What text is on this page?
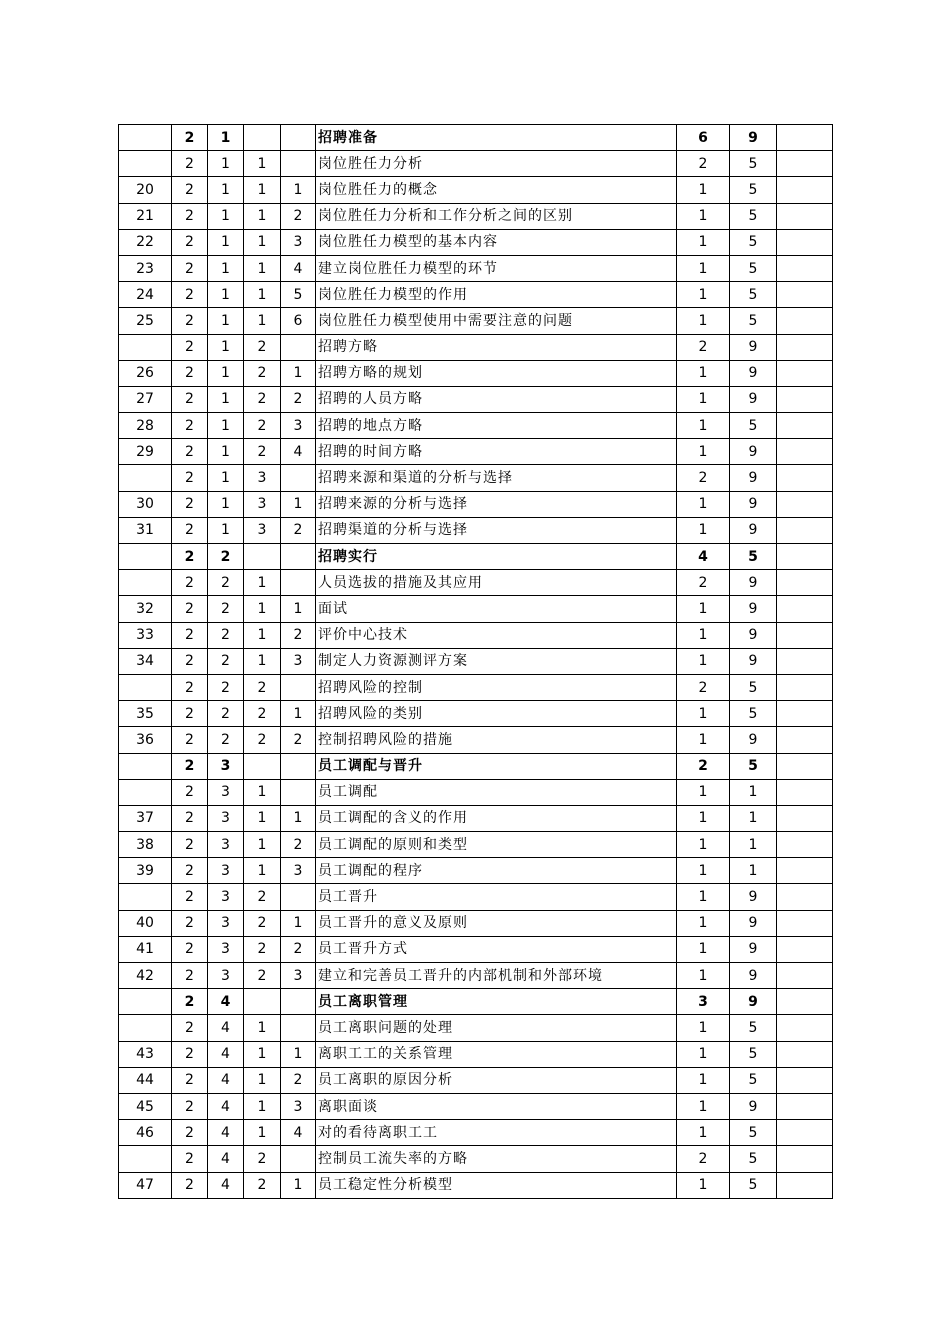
	2	1			招聘准备	6	9	
	2	1	1		岗位胜任力分析	2	5	
20	2	1	1	1	岗位胜任力的概念	1	5	
21	2	1	1	2	岗位胜任力分析和工作分析之间的区别	1	5	
22	2	1	1	3	岗位胜任力模型的基本内容	1	5	
23	2	1	1	4	建立岗位胜任力模型的环节	1	5	
24	2	1	1	5	岗位胜任力模型的作用	1	5	
25	2	1	1	6	岗位胜任力模型使用中需要注意的问题	1	5	
	2	1	2		招聘方略	2	9	
26	2	1	2	1	招聘方略的规划	1	9	
27	2	1	2	2	招聘的人员方略	1	9	
28	2	1	2	3	招聘的地点方略	1	5	
29	2	1	2	4	招聘的时间方略	1	9	
	2	1	3		招聘来源和渠道的分析与选择	2	9	
30	2	1	3	1	招聘来源的分析与选择	1	9	
31	2	1	3	2	招聘渠道的分析与选择	1	9	
	2	2			招聘实行	4	5	
	2	2	1		人员选拔的措施及其应用	2	9	
32	2	2	1	1	面试	1	9	
33	2	2	1	2	评价中心技术	1	9	
34	2	2	1	3	制定人力资源测评方案	1	9	
	2	2	2		招聘风险的控制	2	5	
35	2	2	2	1	招聘风险的类别	1	5	
36	2	2	2	2	控制招聘风险的措施	1	9	
	2	3			员工调配与晋升	2	5	
	2	3	1		员工调配	1	1	
37	2	3	1	1	员工调配的含义的作用	1	1	
38	2	3	1	2	员工调配的原则和类型	1	1	
39	2	3	1	3	员工调配的程序	1	1	
	2	3	2		员工晋升	1	9	
40	2	3	2	1	员工晋升的意义及原则	1	9	
41	2	3	2	2	员工晋升方式	1	9	
42	2	3	2	3	建立和完善员工晋升的内部机制和外部环境	1	9	
	2	4			员工离职管理	3	9	
	2	4	1		员工离职问题的处理	1	5	
43	2	4	1	1	离职工工的关系管理	1	5	
44	2	4	1	2	员工离职的原因分析	1	5	
45	2	4	1	3	离职面谈	1	9	
46	2	4	1	4	对的看待离职工工	1	5	
	2	4	2		控制员工流失率的方略	2	5	
47	2	4	2	1	员工稳定性分析模型	1	5	
